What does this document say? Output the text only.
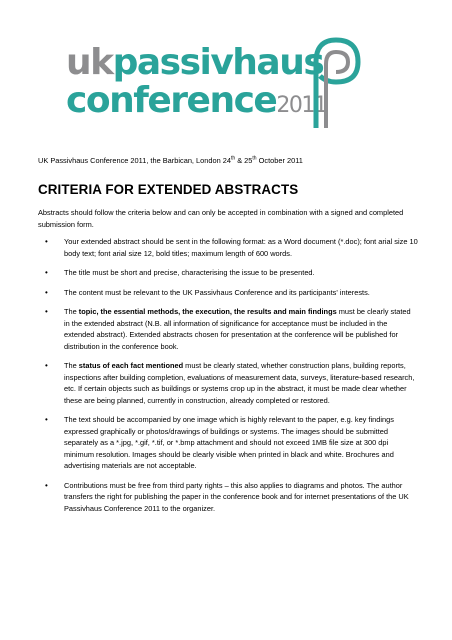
ukpassivhaus
conference2011
UK Passivhaus Conference 2011, the Barbican, London 24th & 25th October 2011
CRITERIA FOR EXTENDED ABSTRACTS

Abstracts should follow the criteria below and can only be accepted in combination with a signed and completed submission form.

• Your extended abstract should be sent in the following format: as a Word document (*.doc); font arial size 10 body text; font arial size 12, bold titles; maximum length of 600 words.
• The title must be short and precise, characterising the issue to be presented.
• The content must be relevant to the UK Passivhaus Conference and its participants' interests.
• The topic, the essential methods, the execution, the results and main findings must be clearly stated in the extended abstract (N.B. all information of significance for acceptance must be included in the extended abstract). Extended abstracts chosen for presentation at the conference will be published for distribution in the conference book.
• The status of each fact mentioned must be clearly stated, whether construction plans, building reports, inspections after building completion, evaluations of measurement data, surveys, literature-based research, etc. If certain objects such as buildings or systems crop up in the abstract, it must be made clear whether these are being planned, currently in construction, already completed or restored.
• The text should be accompanied by one image which is highly relevant to the paper, e.g. key findings expressed graphically or photos/drawings of buildings or systems. The images should be submitted separately as a *.jpg, *.gif, *.tif, or *.bmp attachment and should not exceed 1MB file size at 300 dpi minimum resolution. Images should be clearly visible when printed in black and white. Brochures and advertising materials are not acceptable.
• Contributions must be free from third party rights – this also applies to diagrams and photos. The author transfers the right for publishing the paper in the conference book and for internet presentations of the UK Passivhaus Conference 2011 to the organizer.
